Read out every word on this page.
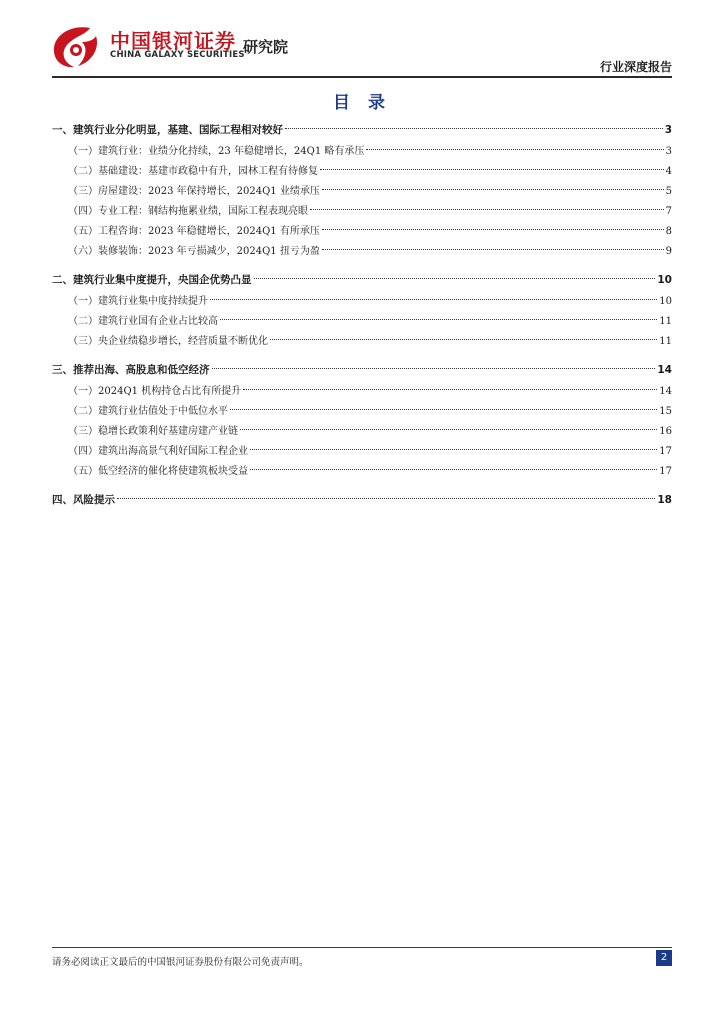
中国银河证券
CHINA GALAXY SECURITIES
研究院
行业深度报告
目 录
一、建筑行业分化明显，基建、国际工程相对较好	3
（一）建筑行业：业绩分化持续，23 年稳健增长，24Q1 略有承压	3
（二）基础建设：基建市政稳中有升，园林工程有待修复	4
（三）房屋建设：2023 年保持增长，2024Q1 业绩承压	5
（四）专业工程：钢结构拖累业绩，国际工程表现亮眼	7
（五）工程咨询：2023 年稳健增长，2024Q1 有所承压	8
（六）装修装饰：2023 年亏损减少，2024Q1 扭亏为盈	9
二、建筑行业集中度提升，央国企优势凸显	10
（一）建筑行业集中度持续提升	10
（二）建筑行业国有企业占比较高	11
（三）央企业绩稳步增长，经营质量不断优化	11
三、推荐出海、高股息和低空经济	14
（一）2024Q1 机构持仓占比有所提升	14
（二）建筑行业估值处于中低位水平	15
（三）稳增长政策利好基建房建产业链	16
（四）建筑出海高景气利好国际工程企业	17
（五）低空经济的催化将使建筑板块受益	17
四、风险提示	18
请务必阅读正文最后的中国银河证券股份有限公司免责声明。	2
